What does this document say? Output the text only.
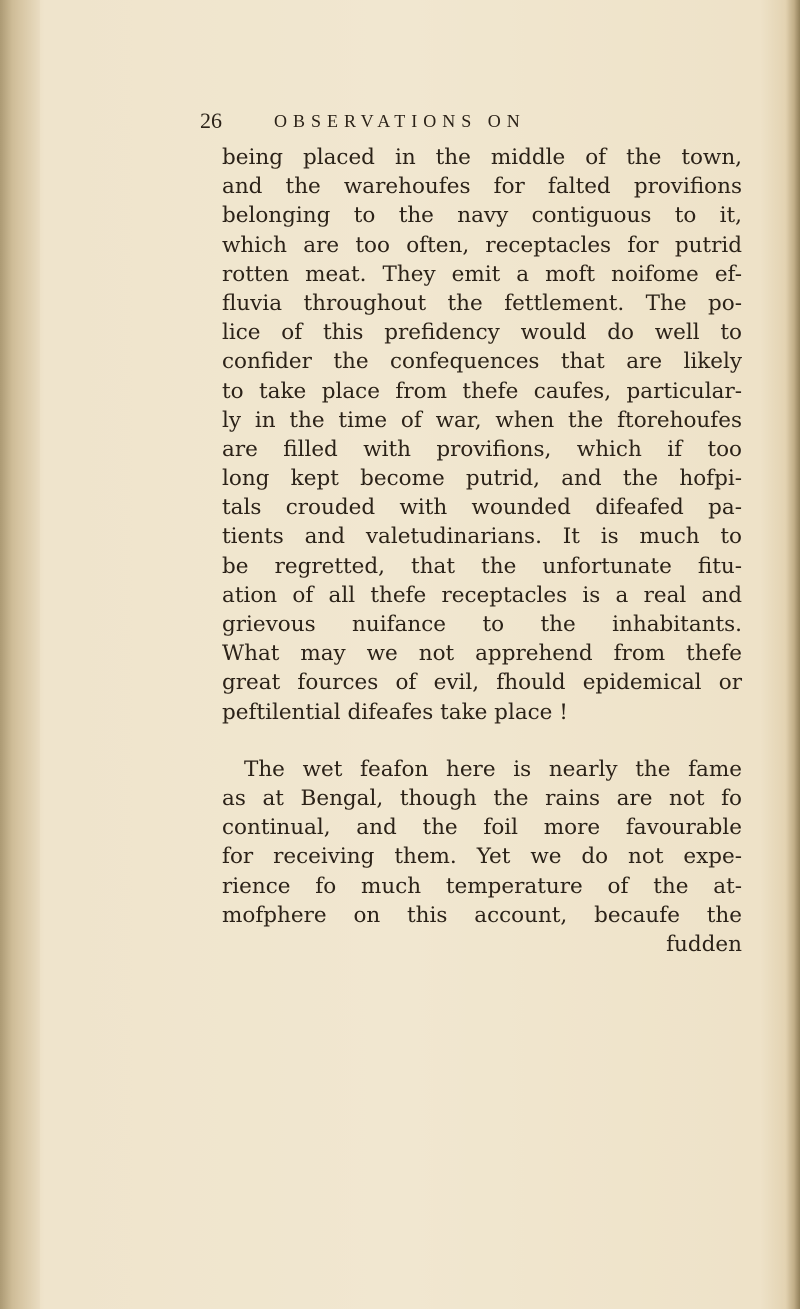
26	OBSERVATIONS ON
being placed in the middle of the town,
and the warehoufes for falted provifions
belonging to the navy contiguous to it,
which are too often, receptacles for putrid
rotten meat. They emit a moft noifome ef-
fluvia throughout the fettlement. The po-
lice of this prefidency would do well to
confider the confequences that are likely
to take place from thefe caufes, particular-
ly in the time of war, when the ftorehoufes
are filled with provifions, which if too
long kept become putrid, and the hofpi-
tals crouded with wounded difeafed pa-
tients and valetudinarians. It is much to
be regretted, that the unfortunate fitu-
ation of all thefe receptacles is a real and
grievous nuifance to the inhabitants.
What may we not apprehend from thefe
great fources of evil, fhould epidemical or
peftilential difeafes take place !
The wet feafon here is nearly the fame
as at Bengal, though the rains are not fo
continual, and the foil more favourable
for receiving them. Yet we do not expe-
rience fo much temperature of the at-
mofphere on this account, becaufe the
fudden
